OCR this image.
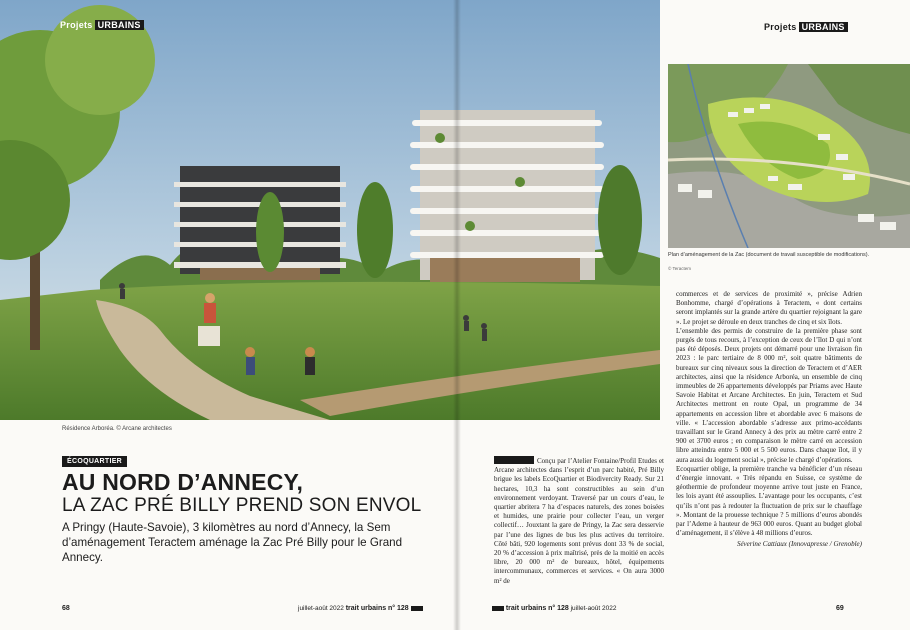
Projets URBAINS
Résidence Arboréa. © Arcane architectes
ÉCOQUARTIER
AU NORD D’ANNECY,
LA ZAC PRÉ BILLY PREND SON ENVOL
A Pringy (Haute-Savoie), 3 kilomètres au nord d’Annecy, la Sem d’aménagement Teractem aménage la Zac Pré Billy pour le Grand Annecy.
68	juillet-août 2022 trait urbains n° 128
Projets URBAINS
Plan d’aménagement de la Zac (document de travail susceptible de modifications).
© Teractem

Conçu par l’Atelier Fontaine/Profil Etudes et Arcane architectes dans l’esprit d’un parc habité, Pré Billy brigue les labels EcoQuartier et Biodivercity Ready. Sur 21 hectares, 10,3 ha sont constructibles au sein d’un environnement verdoyant. Traversé par un cours d’eau, le quartier abritera 7 ha d’espaces naturels, des zones boisées et humides, une prairie pour collecter l’eau, un verger collectif… Jouxtant la gare de Pringy, la Zac sera desservie par l’une des lignes de bus les plus actives du territoire. Côté bâti, 920 logements sont prévus dont 33 % de social, 20 % d’accession à prix maîtrisé, près de la moitié en accès libre, 20 000 m² de bureaux, hôtel, équipements intercommunaux, commerces et services. « On aura 3000 m² de

commerces et de services de proximité », précise Adrien Bonhomme, chargé d’opérations à Teractem, « dont certains seront implantés sur la grande artère du quartier rejoignant la gare ». Le projet se déroule en deux tranches de cinq et six îlots.

L’ensemble des permis de construire de la première phase sont purgés de tous recours, à l’exception de ceux de l’îlot D qui n’ont pas été déposés. Deux projets ont démarré pour une livraison fin 2023 : le parc tertiaire de 8 000 m², soit quatre bâtiments de bureaux sur cinq niveaux sous la direction de Teractem et d’AER architectes, ainsi que la résidence Arboréa, un ensemble de cinq immeubles de 26 appartements développés par Priams avec Haute Savoie Habitat et Arcane Architectes. En juin, Teractem et Sud Architectes mettront en route Opal, un programme de 34 appartements en accession libre et abordable avec 6 maisons de ville. « L’accession abordable s’adresse aux primo-accédants travaillant sur le Grand Annecy à des prix au mètre carré entre 2 900 et 3700 euros ; en comparaison le mètre carré en accession libre atteindra entre 5 000 et 5 500 euros. Dans chaque îlot, il y aura aussi du logement social », précise le chargé d’opérations.

Ecoquartier oblige, la première tranche va bénéficier d’un réseau d’énergie innovant. « Très répandu en Suisse, ce système de géothermie de profondeur moyenne arrive tout juste en France, les lois ayant été assouplies. L’avantage pour les occupants, c’est qu’ils n’ont pas à redouter la fluctuation de prix sur le chauffage ». Montant de la prouesse technique ? 5 millions d’euros abondés par l’Ademe à hauteur de 963 000 euros. Quant au budget global d’aménagement, il s’élève à 48 millions d’euros.

Séverine Cattiaux (Innovapresse / Grenoble)

trait urbains n° 128 juillet-août 2022	69
